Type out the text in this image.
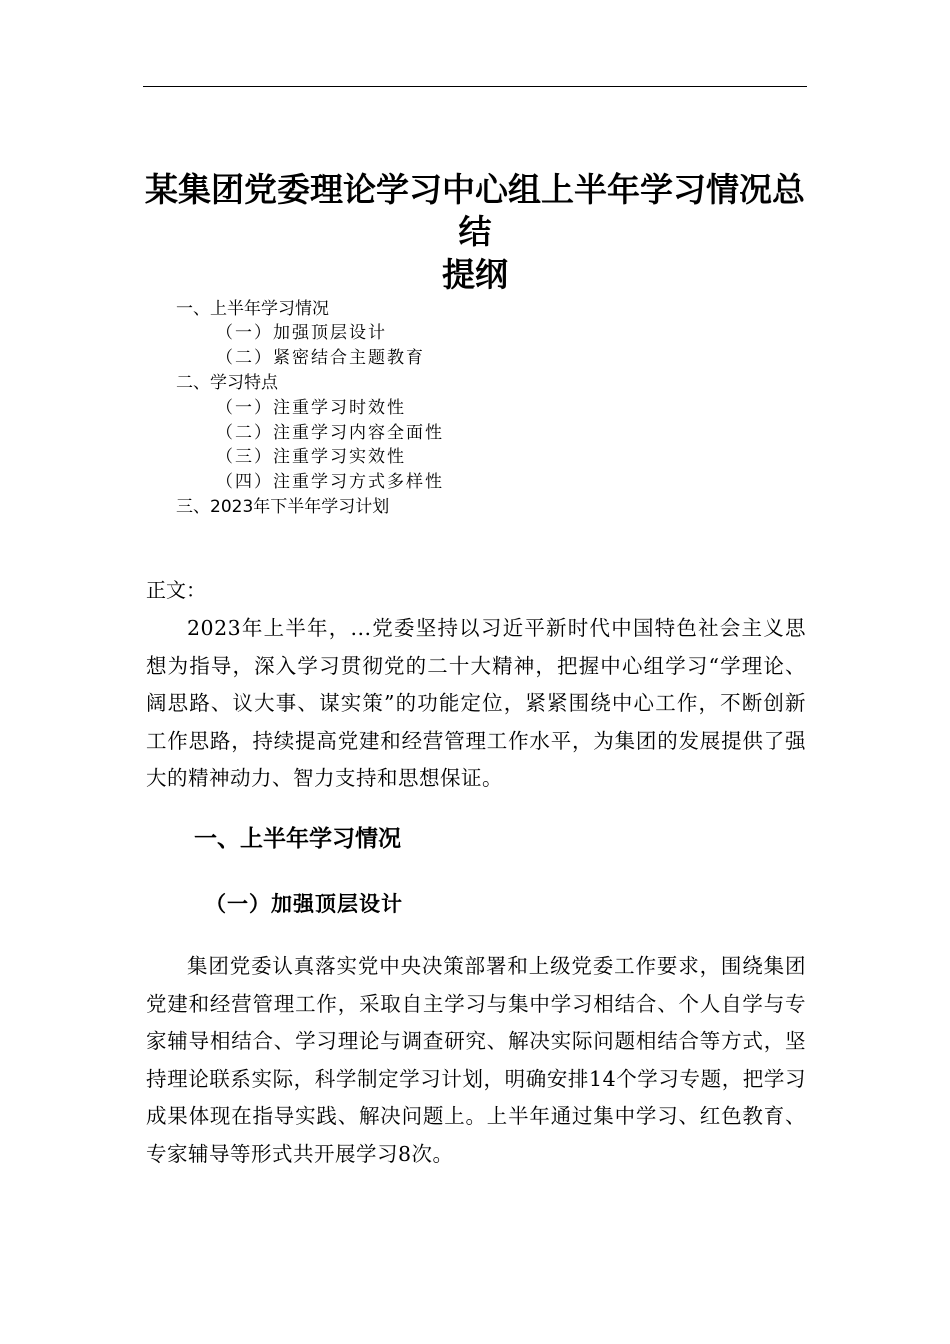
某集团党委理论学习中心组上半年学习情况总
结
提纲
一、上半年学习情况
（一）加强顶层设计
（二）紧密结合主题教育
二、学习特点
（一）注重学习时效性
（二）注重学习内容全面性
（三）注重学习实效性
（四）注重学习方式多样性
三、2023年下半年学习计划
正文：
2023年上半年，...党委坚持以习近平新时代中国特色社会主义思想为指导，深入学习贯彻党的二十大精神，把握中心组学习“学理论、阔思路、议大事、谋实策”的功能定位，紧紧围绕中心工作，不断创新工作思路，持续提高党建和经营管理工作水平，为集团的发展提供了强大的精神动力、智力支持和思想保证。
一、上半年学习情况
（一）加强顶层设计
集团党委认真落实党中央决策部署和上级党委工作要求，围绕集团党建和经营管理工作，采取自主学习与集中学习相结合、个人自学与专家辅导相结合、学习理论与调查研究、解决实际问题相结合等方式，坚持理论联系实际，科学制定学习计划，明确安排14个学习专题，把学习成果体现在指导实践、解决问题上。上半年通过集中学习、红色教育、专家辅导等形式共开展学习8次。
